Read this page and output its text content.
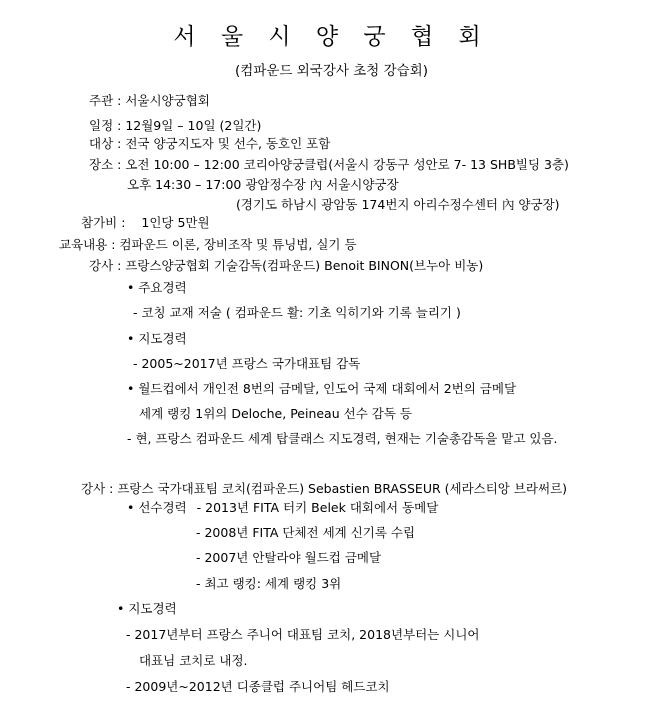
서 울 시 양 궁 협 회
(컴파운드 외국강사 초청 강습회)
주관 : 서울시양궁협회
일정 : 12월9일 – 10일 (2일간)
대상 : 전국 양궁지도자 및 선수, 동호인 포함
장소 : 오전 10:00 – 12:00 코리아양궁클럽(서울시 강동구 성안로 7- 13 SHB빌딩 3층)
오후 14:30 – 17:00 광암정수장 內 서울시양궁장
(경기도 하남시 광암동 174번지 아리수정수센터 內 양궁장)
참가비 : 1인당 5만원
교육내용 : 컴파운드 이론, 장비조작 및 튜닝법, 실기 등
강사 : 프랑스양궁협회 기술감독(컴파운드) Benoit BINON(브누아 비농)
• 주요경력
- 코칭 교재 저술 ( 컴파운드 활: 기초 익히기와 기록 늘리기 )
• 지도경력
- 2005~2017년 프랑스 국가대표팀 감독
• 월드컵에서 개인전 8번의 금메달, 인도어 국제 대회에서 2번의 금메달
세계 랭킹 1위의 Deloche, Peineau 선수 감독 등
- 현, 프랑스 컴파운드 세계 탑클래스 지도경력, 현재는 기술총감독을 맡고 있음.
강사 : 프랑스 국가대표팀 코치(컴파운드) Sebastien BRASSEUR (세라스티앙 브라써르)
• 선수경력 - 2013년 FITA 터키 Belek 대회에서 동메달
- 2008년 FITA 단체전 세계 신기록 수립
- 2007년 안탈라야 월드컵 금메달
- 최고 랭킹: 세계 랭킹 3위
• 지도경력
- 2017년부터 프랑스 주니어 대표팀 코치, 2018년부터는 시니어
대표님 코치로 내정.
- 2009년~2012년 디종클럽 주니어팀 헤드코치
